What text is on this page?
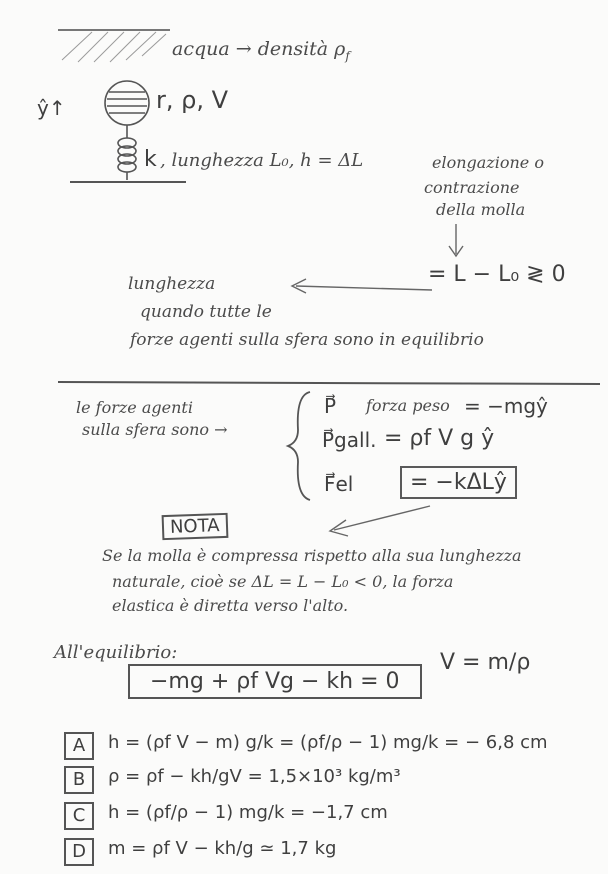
acqua → densità $\rho_f$
ŷ↑	r, ρ, V
k , lunghezza L₀, h = ΔL	elongazione o
contrazione
della molla
= L − L₀ ≷ 0
lunghezza
quando tutte le
forze agenti sulla sfera sono in equilibrio
le forze agenti
sulla sfera sono →
P⃗ forza peso = −mgŷ
P⃗gall. = ρf V g ŷ
F⃗el	= −kΔLŷ
NOTA
Se la molla è compressa rispetto alla sua lunghezza
naturale, cioè se ΔL = L − L₀ < 0, la forza
elastica è diretta verso l'alto.
All'equilibrio:
−mg + ρf Vg − kh = 0
V = m/ρ
A	h = (ρf V − m) g/k = (ρf/ρ − 1) mg/k = − 6,8 cm
B	ρ = ρf − kh/gV = 1,5×10³ kg/m³
C	h = (ρf/ρ − 1) mg/k = −1,7 cm
D	m = ρf V − kh/g ≃ 1,7 kg
